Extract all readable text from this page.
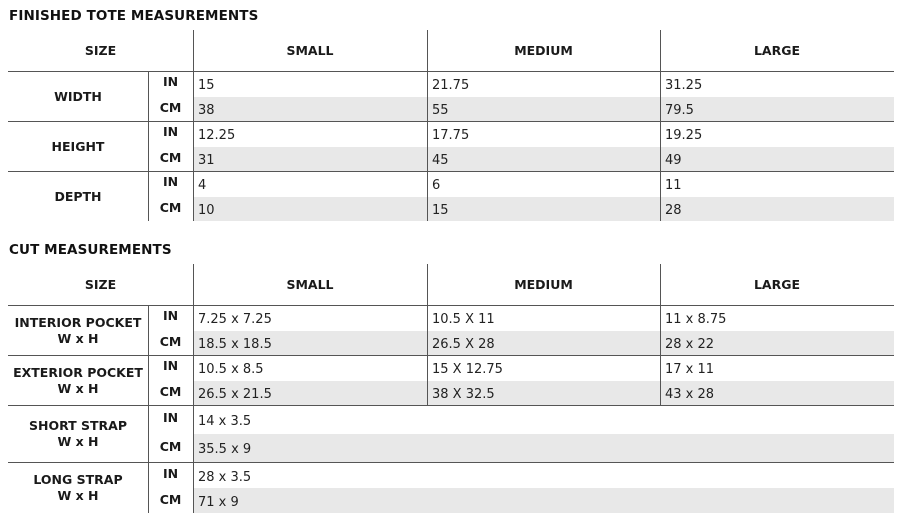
FINISHED TOTE MEASUREMENTS
SIZE	SMALL	MEDIUM	LARGE
WIDTH
IN	15	21.75	31.25
CM	38	55	79.5
HEIGHT
IN	12.25	17.75	19.25
CM	31	45	49
DEPTH
IN	4	6	11
CM	10	15	28
CUT MEASUREMENTS
SIZE	SMALL	MEDIUM	LARGE
INTERIOR POCKET
W x H
IN	7.25 x 7.25	10.5 X 11	11 x 8.75
CM	18.5 x 18.5	26.5 X 28	28 x 22
EXTERIOR POCKET
W x H
IN	10.5 x 8.5	15 X 12.75	17 x 11
CM	26.5 x 21.5	38 X 32.5	43 x 28
SHORT STRAP
W x H
IN	14 x 3.5
CM	35.5 x 9
LONG STRAP
W x H
IN	28 x 3.5
CM	71 x 9
